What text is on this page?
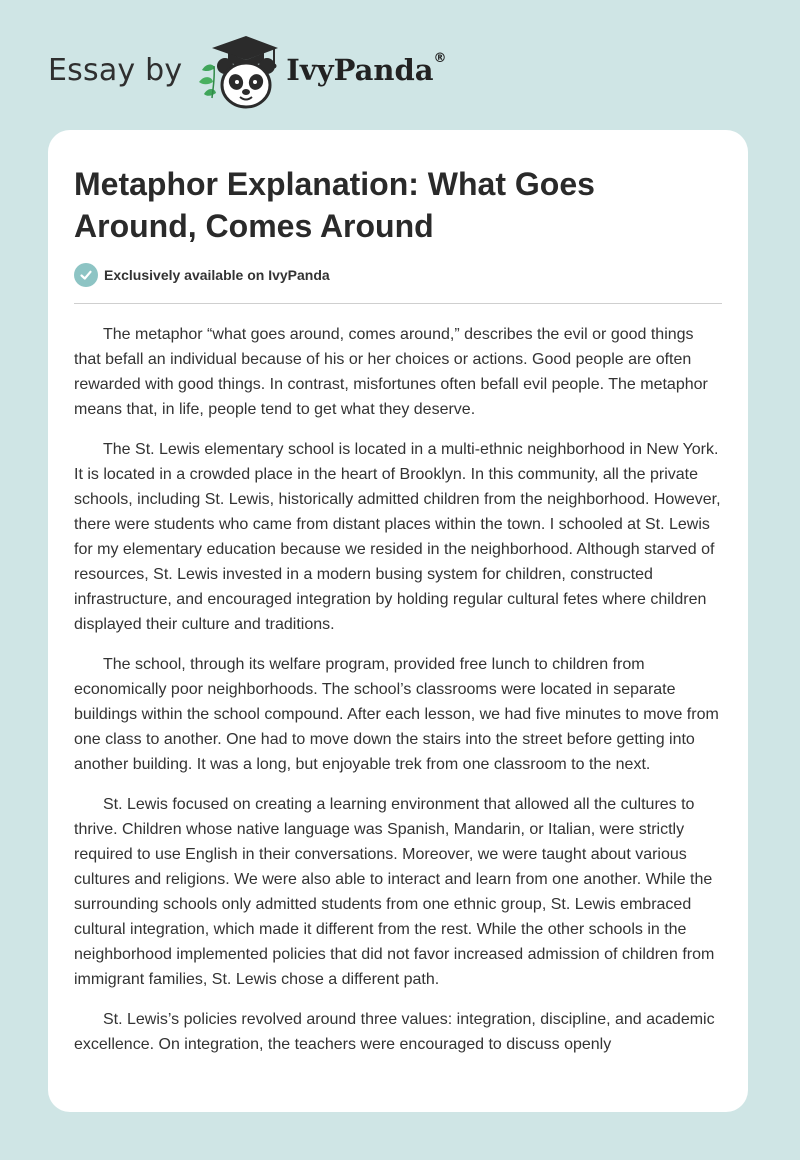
Essay by	IvyPanda®
Metaphor Explanation: What Goes Around, Comes Around
Exclusively available on IvyPanda

The metaphor “what goes around, comes around,” describes the evil or good things that befall an individual because of his or her choices or actions. Good people are often rewarded with good things. In contrast, misfortunes often befall evil people. The metaphor means that, in life, people tend to get what they deserve.

The St. Lewis elementary school is located in a multi-ethnic neighborhood in New York. It is located in a crowded place in the heart of Brooklyn. In this community, all the private schools, including St. Lewis, historically admitted children from the neighborhood. However, there were students who came from distant places within the town. I schooled at St. Lewis for my elementary education because we resided in the neighborhood. Although starved of resources, St. Lewis invested in a modern busing system for children, constructed infrastructure, and encouraged integration by holding regular cultural fetes where children displayed their culture and traditions.

The school, through its welfare program, provided free lunch to children from economically poor neighborhoods. The school’s classrooms were located in separate buildings within the school compound. After each lesson, we had five minutes to move from one class to another. One had to move down the stairs into the street before getting into another building. It was a long, but enjoyable trek from one classroom to the next.

St. Lewis focused on creating a learning environment that allowed all the cultures to thrive. Children whose native language was Spanish, Mandarin, or Italian, were strictly required to use English in their conversations. Moreover, we were taught about various cultures and religions. We were also able to interact and learn from one another. While the surrounding schools only admitted students from one ethnic group, St. Lewis embraced cultural integration, which made it different from the rest. While the other schools in the neighborhood implemented policies that did not favor increased admission of children from immigrant families, St. Lewis chose a different path.

St. Lewis’s policies revolved around three values: integration, discipline, and academic excellence. On integration, the teachers were encouraged to discuss openly
